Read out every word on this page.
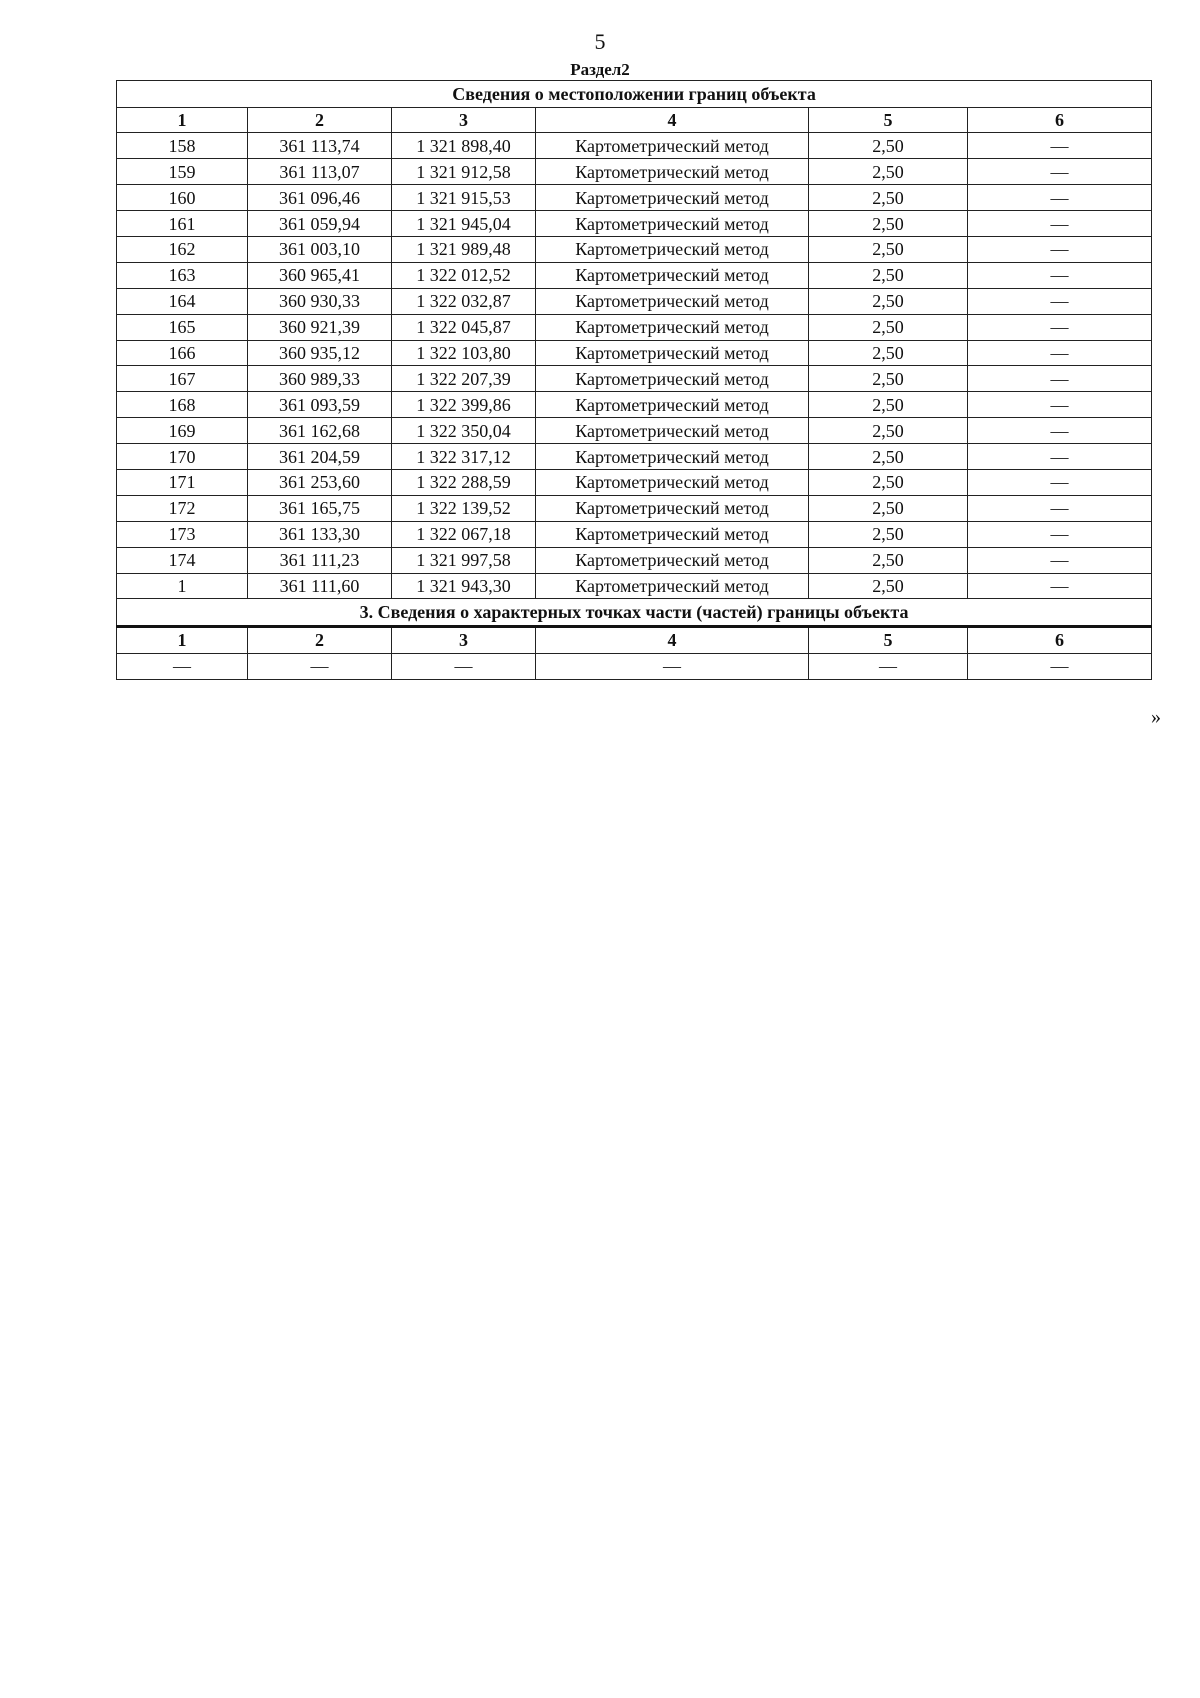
5
Раздел2
Сведения о местоположении границ объекта					
1	2	3	4	5	6
158	361 113,74	1 321 898,40	Картометрический метод	2,50	—
159	361 113,07	1 321 912,58	Картометрический метод	2,50	—
160	361 096,46	1 321 915,53	Картометрический метод	2,50	—
161	361 059,94	1 321 945,04	Картометрический метод	2,50	—
162	361 003,10	1 321 989,48	Картометрический метод	2,50	—
163	360 965,41	1 322 012,52	Картометрический метод	2,50	—
164	360 930,33	1 322 032,87	Картометрический метод	2,50	—
165	360 921,39	1 322 045,87	Картометрический метод	2,50	—
166	360 935,12	1 322 103,80	Картометрический метод	2,50	—
167	360 989,33	1 322 207,39	Картометрический метод	2,50	—
168	361 093,59	1 322 399,86	Картометрический метод	2,50	—
169	361 162,68	1 322 350,04	Картометрический метод	2,50	—
170	361 204,59	1 322 317,12	Картометрический метод	2,50	—
171	361 253,60	1 322 288,59	Картометрический метод	2,50	—
172	361 165,75	1 322 139,52	Картометрический метод	2,50	—
173	361 133,30	1 322 067,18	Картометрический метод	2,50	—
174	361 111,23	1 321 997,58	Картометрический метод	2,50	—
1	361 111,60	1 321 943,30	Картометрический метод	2,50	—
3. Сведения о характерных точках части (частей) границы объекта					
1	2	3	4	5	6
—	—	—	—	—	—
»
